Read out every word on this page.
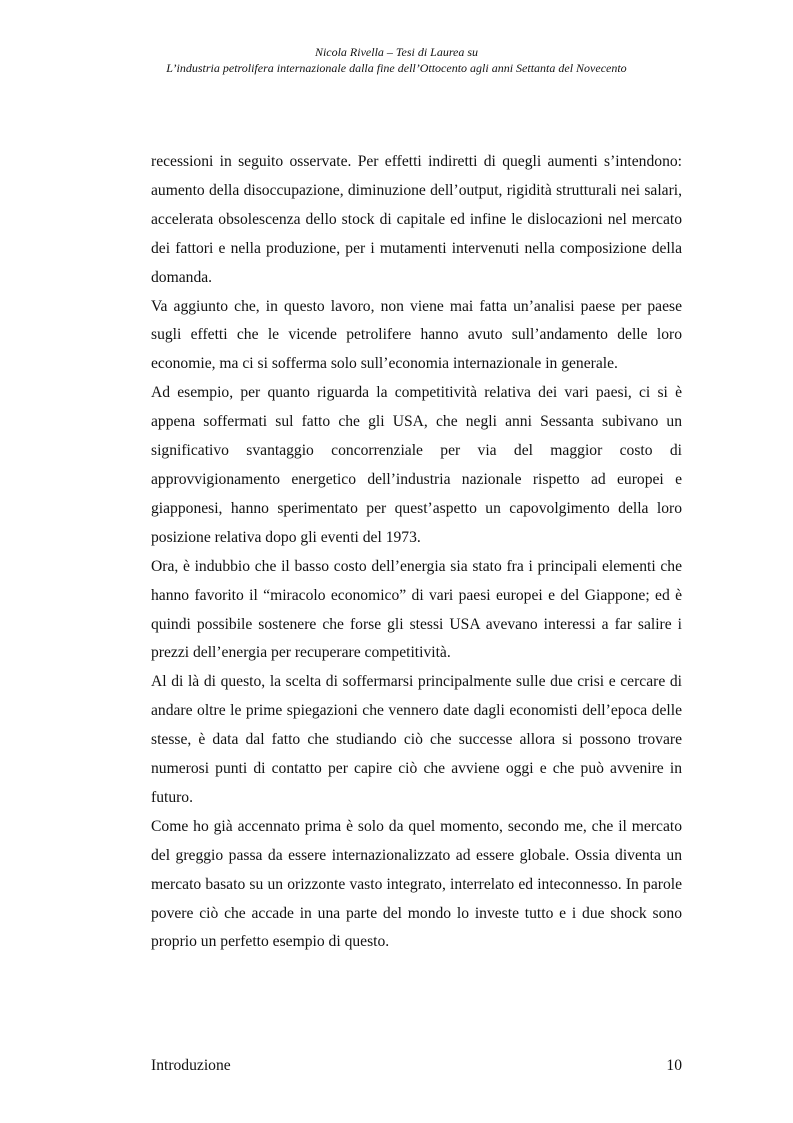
Nicola Rivella – Tesi di Laurea su
L’industria petrolifera internazionale dalla fine dell’Ottocento agli anni Settanta del Novecento

recessioni in seguito osservate. Per effetti indiretti di quegli aumenti s’intendono: aumento della disoccupazione, diminuzione dell’output, rigidità strutturali nei salari, accelerata obsolescenza dello stock di capitale ed infine le dislocazioni nel mercato dei fattori e nella produzione, per i mutamenti intervenuti nella composizione della domanda.

Va aggiunto che, in questo lavoro, non viene mai fatta un’analisi paese per paese sugli effetti che le vicende petrolifere hanno avuto sull’andamento delle loro economie, ma ci si sofferma solo sull’economia internazionale in generale.

Ad esempio, per quanto riguarda la competitività relativa dei vari paesi, ci si è appena soffermati sul fatto che gli USA, che negli anni Sessanta subivano un significativo svantaggio concorrenziale per via del maggior costo di approvvigionamento energetico dell’industria nazionale rispetto ad europei e giapponesi, hanno sperimentato per quest’aspetto un capovolgimento della loro posizione relativa dopo gli eventi del 1973.

Ora, è indubbio che il basso costo dell’energia sia stato fra i principali elementi che hanno favorito il “miracolo economico” di vari paesi europei e del Giappone; ed è quindi possibile sostenere che forse gli stessi USA avevano interessi a far salire i prezzi dell’energia per recuperare competitività.

Al di là di questo, la scelta di soffermarsi principalmente sulle due crisi e cercare di andare oltre le prime spiegazioni che vennero date dagli economisti dell’epoca delle stesse, è data dal fatto che studiando ciò che successe allora si possono trovare numerosi punti di contatto per capire ciò che avviene oggi e che può avvenire in futuro.

Come ho già accennato prima è solo da quel momento, secondo me, che il mercato del greggio passa da essere internazionalizzato ad essere globale. Ossia diventa un mercato basato su un orizzonte vasto integrato, interrelato ed inteconnesso. In parole povere ciò che accade in una parte del mondo lo investe tutto e i due shock sono proprio un perfetto esempio di questo.

Introduzione	10
